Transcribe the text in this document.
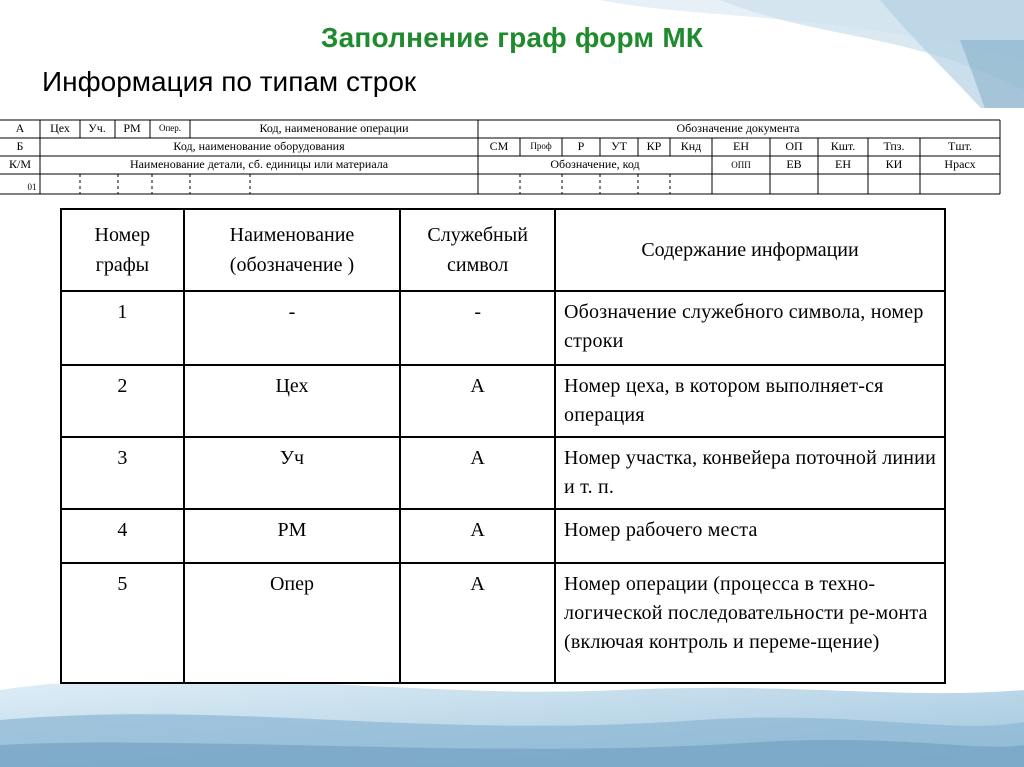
Заполнение граф форм МК
Информация по типам строк
А Цех Уч. РМ Опер.	Код, наименование операции	Обозначение документа
Б	Код, наименование оборудования	СМ Проф Р УТ КР Кнд	ЕН	ОП Кшт. Тпз.	Тшт.
К/М	Наименование детали, сб. единицы или материала	Обозначение, код	ОПП	ЕВ	ЕН	КИ	Нрасх
01
Номер графы	Наименование (обозначение )	Служебный символ	Содержание информации
1	-	-	Обозначение служебного символа, номер строки
2	Цех	А	Номер цеха, в котором выполняет-ся операция
3	Уч	А	Номер участка, конвейера поточной линии и т. п.
4	РМ	А	Номер рабочего места
5	Опер	А	Номер операции (процесса в техно-логической последовательности ре-монта (включая контроль и переме-щение)
